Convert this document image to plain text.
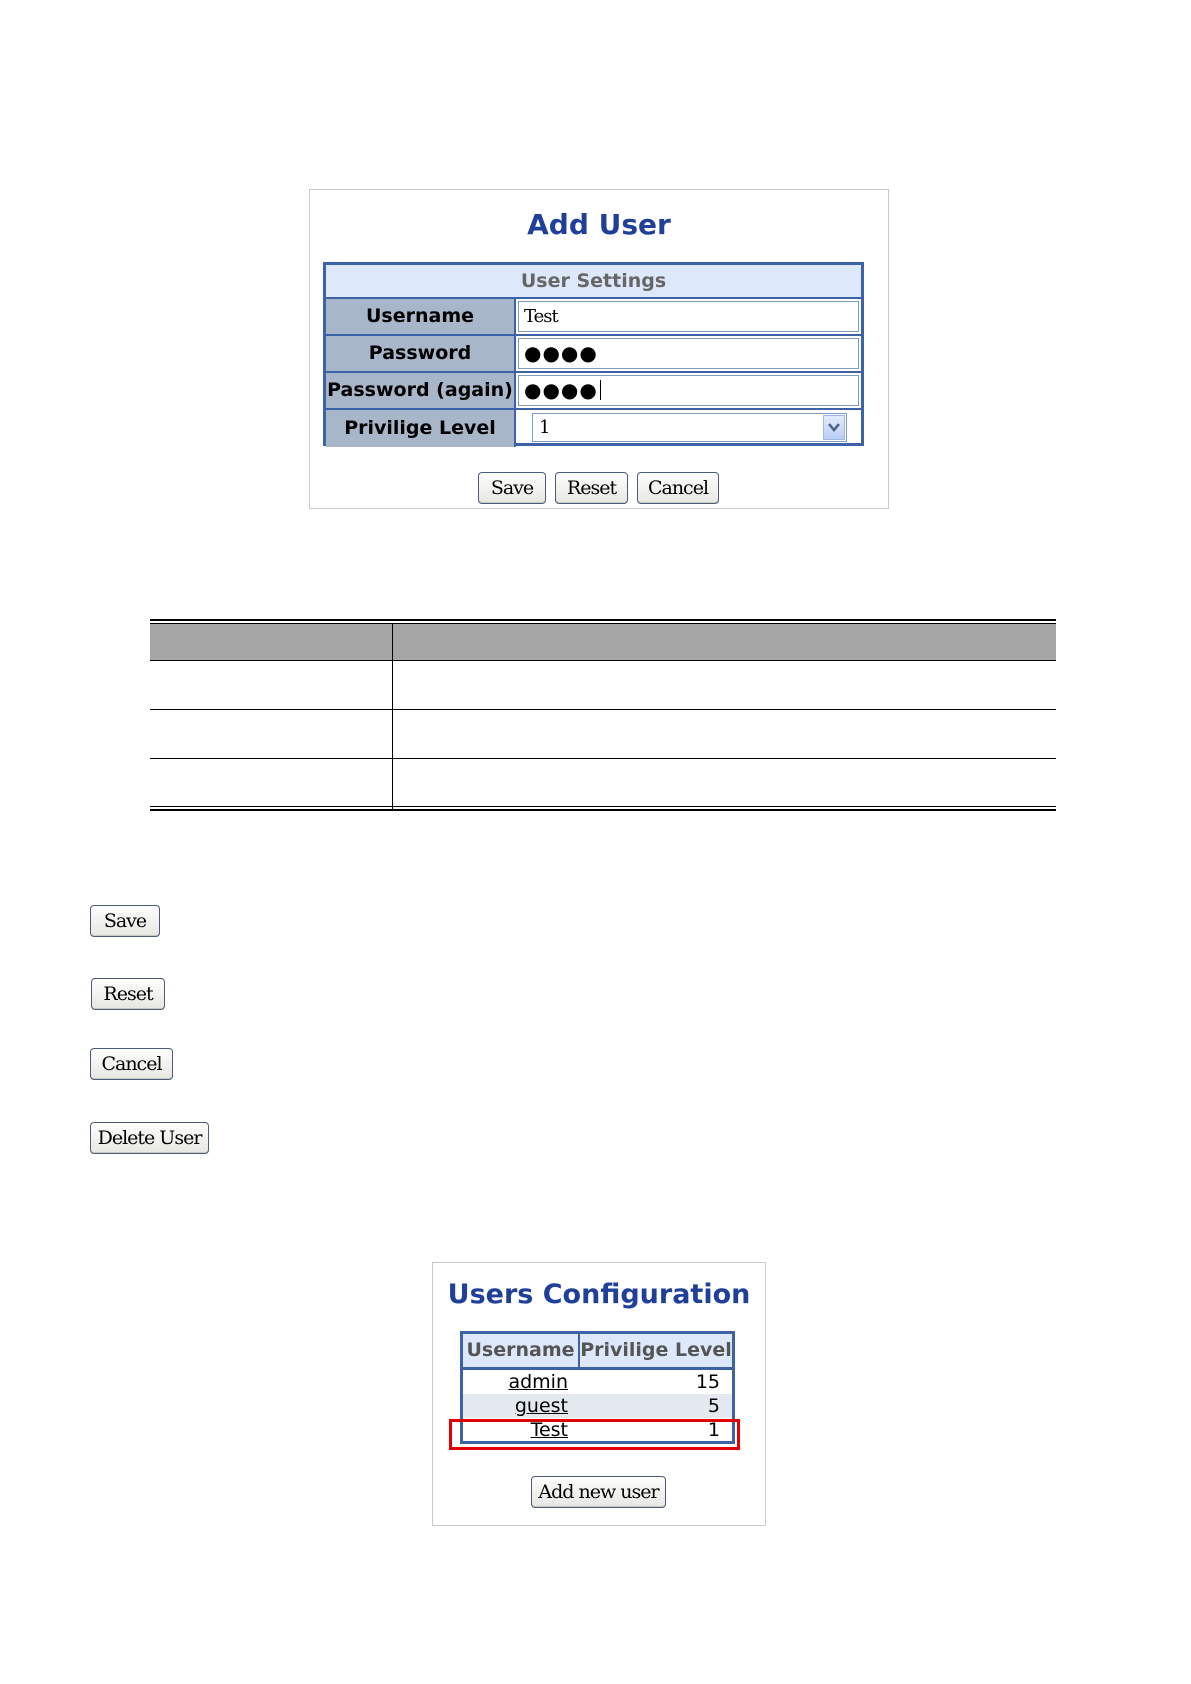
Add User
User Settings
Username	Test
Password	●●●●
Password (again) ●●●●
Privilige Level	1
Save	Reset	Cancel
Save
Reset
Cancel
Delete User
Users Configuration
Username Privilige Level
admin	15
guest	5
Test	1
Add new user
